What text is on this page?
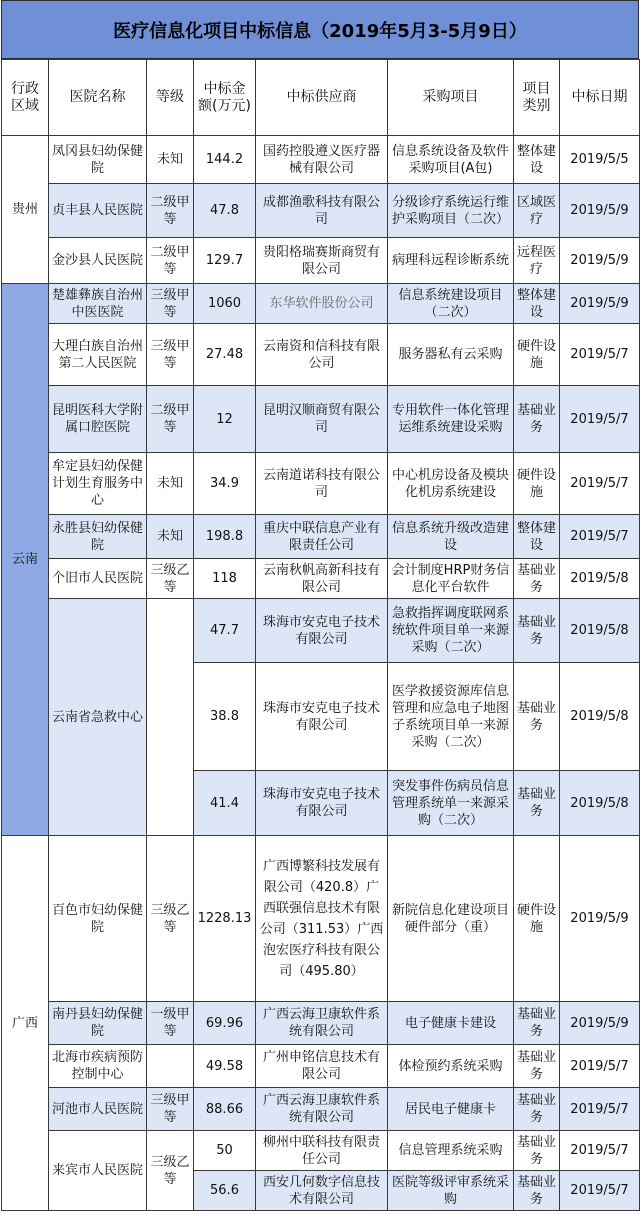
医疗信息化项目中标信息（2019年5月3-5月9日）
行政区域	医院名称	等级	中标金额(万元)	中标供应商	采购项目	项目类别	中标日期
贵州	凤冈县妇幼保健院	未知	144.2	国药控股遵义医疗器械有限公司	信息系统设备及软件采购项目(A包)	整体建设	2019/5/5
	贞丰县人民医院	二级甲等	47.8	成都渔歌科技有限公司	分级诊疗系统运行维护采购项目（二次）	区域医疗	2019/5/9
	金沙县人民医院	二级甲等	129.7	贵阳格瑞赛斯商贸有限公司	病理科远程诊断系统	远程医疗	2019/5/9
云南	楚雄彝族自治州中医医院	三级甲等	1060	东华软件股份公司	信息系统建设项目（二次）	整体建设	2019/5/9
	大理白族自治州第二人民医院	三级甲等	27.48	云南资和信科技有限公司	服务器私有云采购	硬件设施	2019/5/7
	昆明医科大学附属口腔医院	二级甲等	12	昆明汉顺商贸有限公司	专用软件一体化管理运维系统建设采购	基础业务	2019/5/7
	牟定县妇幼保健计划生育服务中心	未知	34.9	云南道诺科技有限公司	中心机房设备及模块化机房系统建设	硬件设施	2019/5/7
	永胜县妇幼保健院	未知	198.8	重庆中联信息产业有限责任公司	信息系统升级改造建设	整体建设	2019/5/7
	个旧市人民医院	三级乙等	118	云南秋帆高新科技有限公司	会计制度HRP财务信息化平台软件	基础业务	2019/5/8
	云南省急救中心		47.7	珠海市安克电子技术有限公司	急救指挥调度联网系统软件项目单一来源采购（二次）	基础业务	2019/5/8
			38.8	珠海市安克电子技术有限公司	医学救援资源库信息管理和应急电子地图子系统项目单一来源采购（二次）	基础业务	2019/5/8
			41.4	珠海市安克电子技术有限公司	突发事件伤病员信息管理系统单一来源采购（二次）	基础业务	2019/5/8
广西	百色市妇幼保健院	三级乙等	1228.13	广西博繁科技发展有限公司（420.8）广西联强信息技术有限公司（311.53）广西泡宏医疗科技有限公司（495.80）	新院信息化建设项目硬件部分（重）	硬件设施	2019/5/9
	南丹县妇幼保健院	一级甲等	69.96	广西云海卫康软件系统有限公司	电子健康卡建设	基础业务	2019/5/9
	北海市疾病预防控制中心		49.58	广州申铭信息技术有限公司	体检预约系统采购	基础业务	2019/5/7
	河池市人民医院	三级甲等	88.66	广西云海卫康软件系统有限公司	居民电子健康卡	基础业务	2019/5/7
	来宾市人民医院	三级乙等	50	柳州中联科技有限责任公司	信息管理系统采购	基础业务	2019/5/7
			56.6	西安几何数字信息技术有限公司	医院等级评审系统采购	基础业务	2019/5/7
